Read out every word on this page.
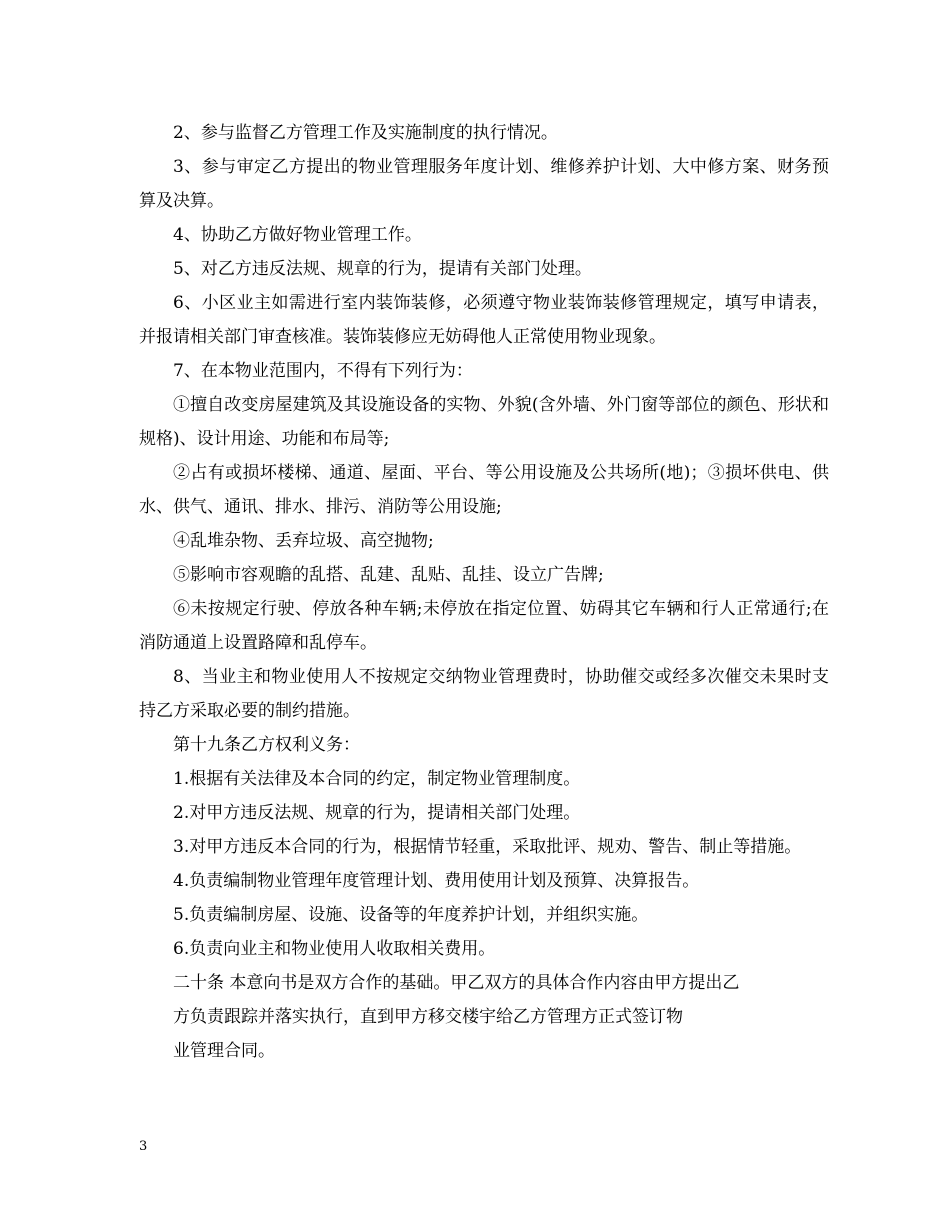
2、参与监督乙方管理工作及实施制度的执行情况。

3、参与审定乙方提出的物业管理服务年度计划、维修养护计划、大中修方案、财务预算及决算。

4、协助乙方做好物业管理工作。

5、对乙方违反法规、规章的行为，提请有关部门处理。

6、小区业主如需进行室内装饰装修，必须遵守物业装饰装修管理规定，填写申请表，并报请相关部门审查核准。装饰装修应无妨碍他人正常使用物业现象。

7、在本物业范围内，不得有下列行为：

①擅自改变房屋建筑及其设施设备的实物、外貌(含外墙、外门窗等部位的颜色、形状和规格)、设计用途、功能和布局等;

②占有或损坏楼梯、通道、屋面、平台、等公用设施及公共场所(地)；③损坏供电、供水、供气、通讯、排水、排污、消防等公用设施;

④乱堆杂物、丢弃垃圾、高空抛物;

⑤影响市容观瞻的乱搭、乱建、乱贴、乱挂、设立广告牌;

⑥未按规定行驶、停放各种车辆;未停放在指定位置、妨碍其它车辆和行人正常通行;在消防通道上设置路障和乱停车。

8、当业主和物业使用人不按规定交纳物业管理费时，协助催交或经多次催交未果时支持乙方采取必要的制约措施。

第十九条乙方权利义务：

1.根据有关法律及本合同的约定，制定物业管理制度。

2.对甲方违反法规、规章的行为，提请相关部门处理。

3.对甲方违反本合同的行为，根据情节轻重，采取批评、规劝、警告、制止等措施。

4.负责编制物业管理年度管理计划、费用使用计划及预算、决算报告。

5.负责编制房屋、设施、设备等的年度养护计划，并组织实施。

6.负责向业主和物业使用人收取相关费用。

二十条 本意向书是双方合作的基础。甲乙双方的具体合作内容由甲方提出乙
方负责跟踪并落实执行，直到甲方移交楼宇给乙方管理方正式签订物
业管理合同。

3
